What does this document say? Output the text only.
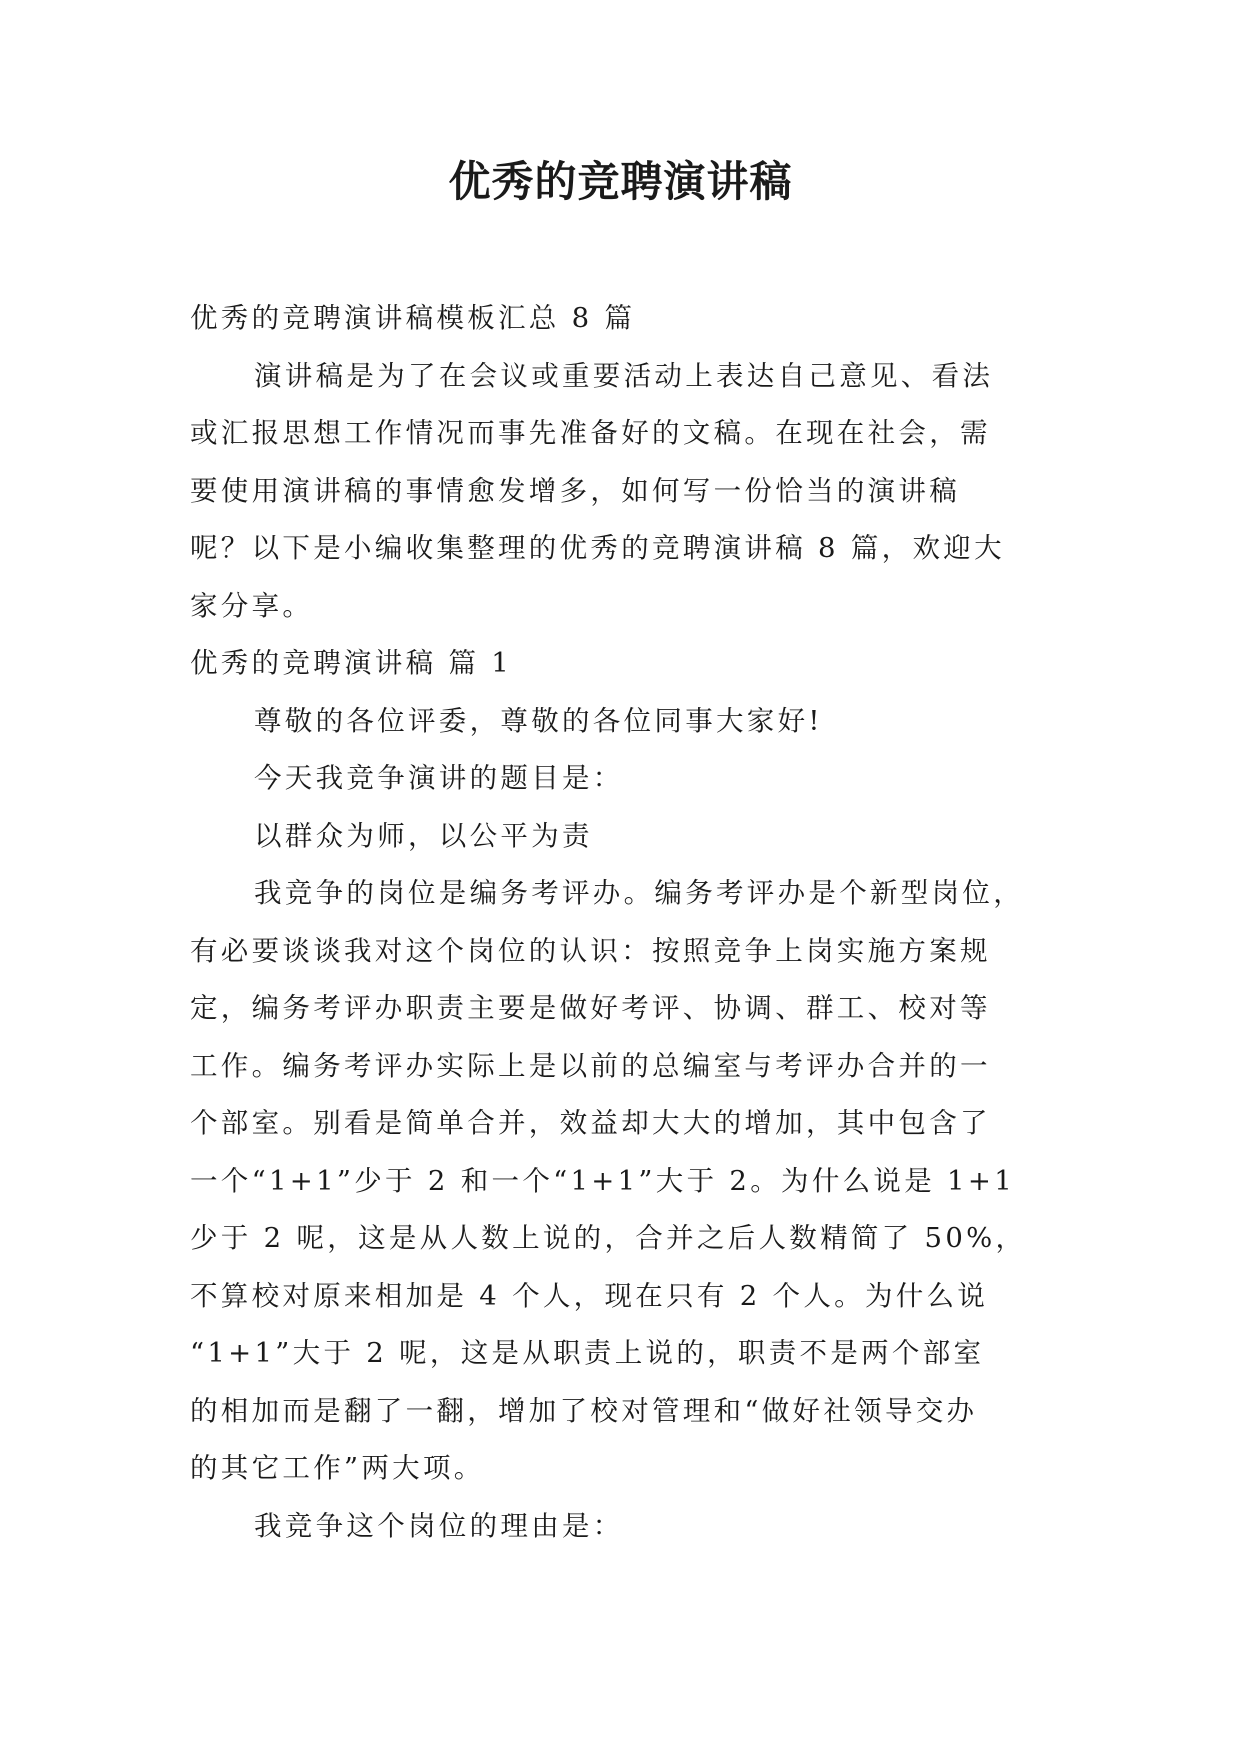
优秀的竞聘演讲稿

优秀的竞聘演讲稿模板汇总 8 篇

演讲稿是为了在会议或重要活动上表达自己意见、看法

或汇报思想工作情况而事先准备好的文稿。在现在社会，需

要使用演讲稿的事情愈发增多，如何写一份恰当的演讲稿

呢？以下是小编收集整理的优秀的竞聘演讲稿 8 篇，欢迎大

家分享。

优秀的竞聘演讲稿 篇 1

尊敬的各位评委，尊敬的各位同事大家好!

今天我竞争演讲的题目是：

以群众为师，以公平为责

我竞争的岗位是编务考评办。编务考评办是个新型岗位，

有必要谈谈我对这个岗位的认识：按照竞争上岗实施方案规

定，编务考评办职责主要是做好考评、协调、群工、校对等

工作。编务考评办实际上是以前的总编室与考评办合并的一

个部室。别看是简单合并，效益却大大的增加，其中包含了

一个“1+1”少于 2 和一个“1+1”大于 2。为什么说是 1+1

少于 2 呢，这是从人数上说的，合并之后人数精简了 50%，

不算校对原来相加是 4 个人，现在只有 2 个人。为什么说

“1+1”大于 2 呢，这是从职责上说的，职责不是两个部室

的相加而是翻了一翻，增加了校对管理和“做好社领导交办

的其它工作”两大项。

我竞争这个岗位的理由是：
